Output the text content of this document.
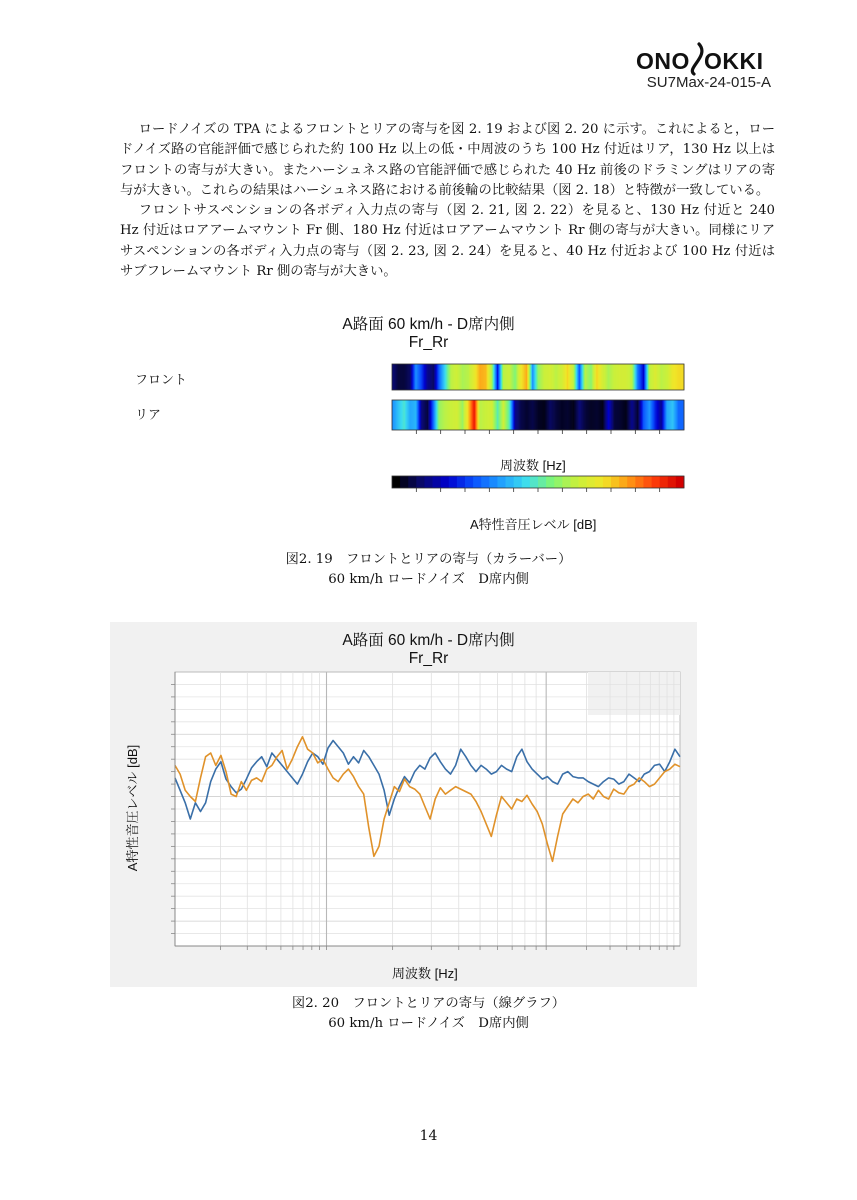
ONO OKKI
SU7Max-24-015-A

ロードノイズの TPA によるフロントとリアの寄与を図 2. 19 および図 2. 20 に示す。これによると，ロードノイズ路の官能評価で感じられた約 100 Hz 以上の低・中周波のうち 100 Hz 付近はリア，130 Hz 以上はフロントの寄与が大きい。またハーシュネス路の官能評価で感じられた 40 Hz 前後のドラミングはリアの寄与が大きい。これらの結果はハーシュネス路における前後輪の比較結果（図 2. 18）と特徴が一致している。

フロントサスペンションの各ボディ入力点の寄与（図 2. 21, 図 2. 22）を見ると、130 Hz 付近と 240 Hz 付近はロアアームマウント Fr 側、180 Hz 付近はロアアームマウント Rr 側の寄与が大きい。同様にリアサスペンションの各ボディ入力点の寄与（図 2. 23, 図 2. 24）を見ると、40 Hz 付近および 100 Hz 付近はサブフレームマウント Rr 側の寄与が大きい。

A路面 60 km/h - D席内側
Fr_Rr
フロント
リア
周波数 [Hz]
A特性音圧レベル [dB]
図2. 19　フロントとリアの寄与（カラーバー）
60 km/h ロードノイズ　D席内側
A路面 60 km/h - D席内側
Fr_Rr
A特性音圧レベル [dB]
周波数 [Hz]
図2. 20　フロントとリアの寄与（線グラフ）
60 km/h ロードノイズ　D席内側
14
